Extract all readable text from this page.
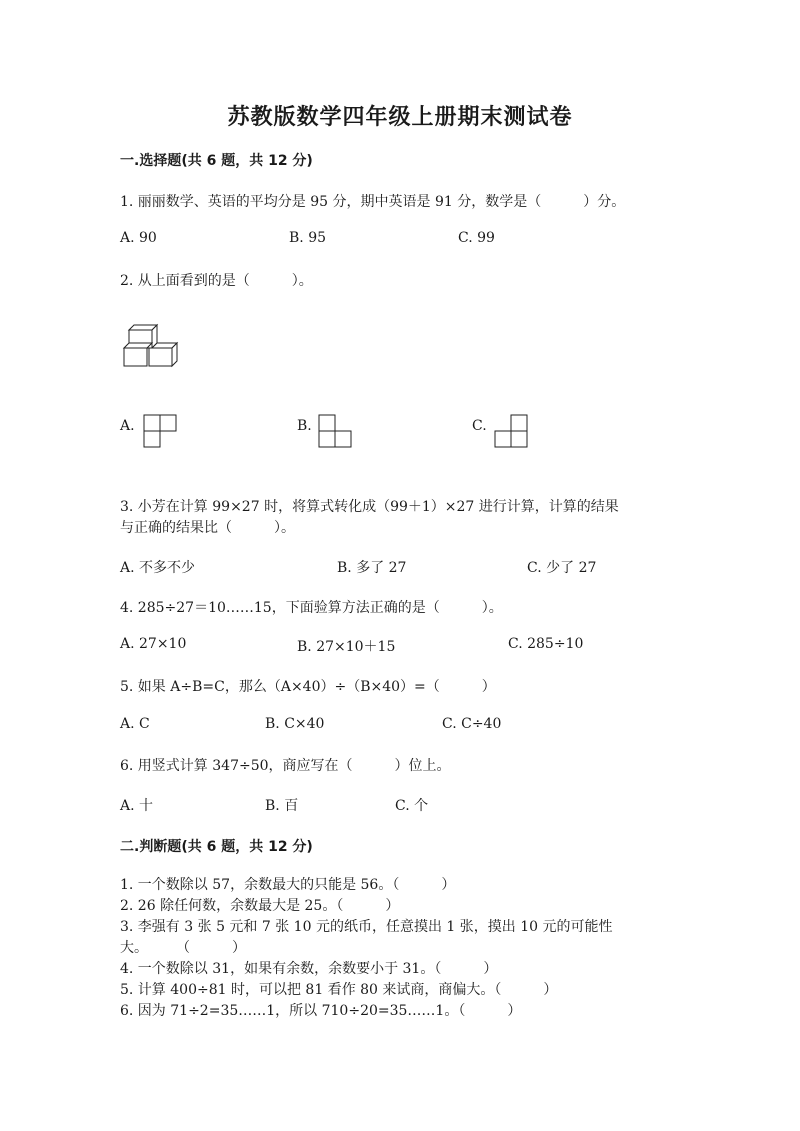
苏教版数学四年级上册期末测试卷
一.选择题(共 6 题，共 12 分)
1. 丽丽数学、英语的平均分是 95 分，期中英语是 91 分，数学是（　　　）分。
A. 90	B. 95	C. 99
2. 从上面看到的是（　　　）。
A.	B.	C.
3. 小芳在计算 99×27 时，将算式转化成（99＋1）×27 进行计算，计算的结果
与正确的结果比（　　　）。
A. 不多不少	B. 多了 27	C. 少了 27
4. 285÷27＝10……15，下面验算方法正确的是（　　　）。
A. 27×10	B. 27×10＋15	C. 285÷10
5. 如果 A÷B=C，那么（A×40）÷（B×40）=（　　　）
A. C	B. C×40	C. C÷40
6. 用竖式计算 347÷50，商应写在（　　　）位上。
A. 十	B. 百	C. 个
二.判断题(共 6 题，共 12 分)
1. 一个数除以 57，余数最大的只能是 56。（　　　）
2. 26 除任何数，余数最大是 25。（　　　）
3. 李强有 3 张 5 元和 7 张 10 元的纸币，任意摸出 1 张，摸出 10 元的可能性
大。　　　（　　　）
4. 一个数除以 31，如果有余数，余数要小于 31。（　　　）
5. 计算 400÷81 时，可以把 81 看作 80 来试商，商偏大。（　　　）
6. 因为 71÷2=35……1，所以 710÷20=35……1。（　　　）
